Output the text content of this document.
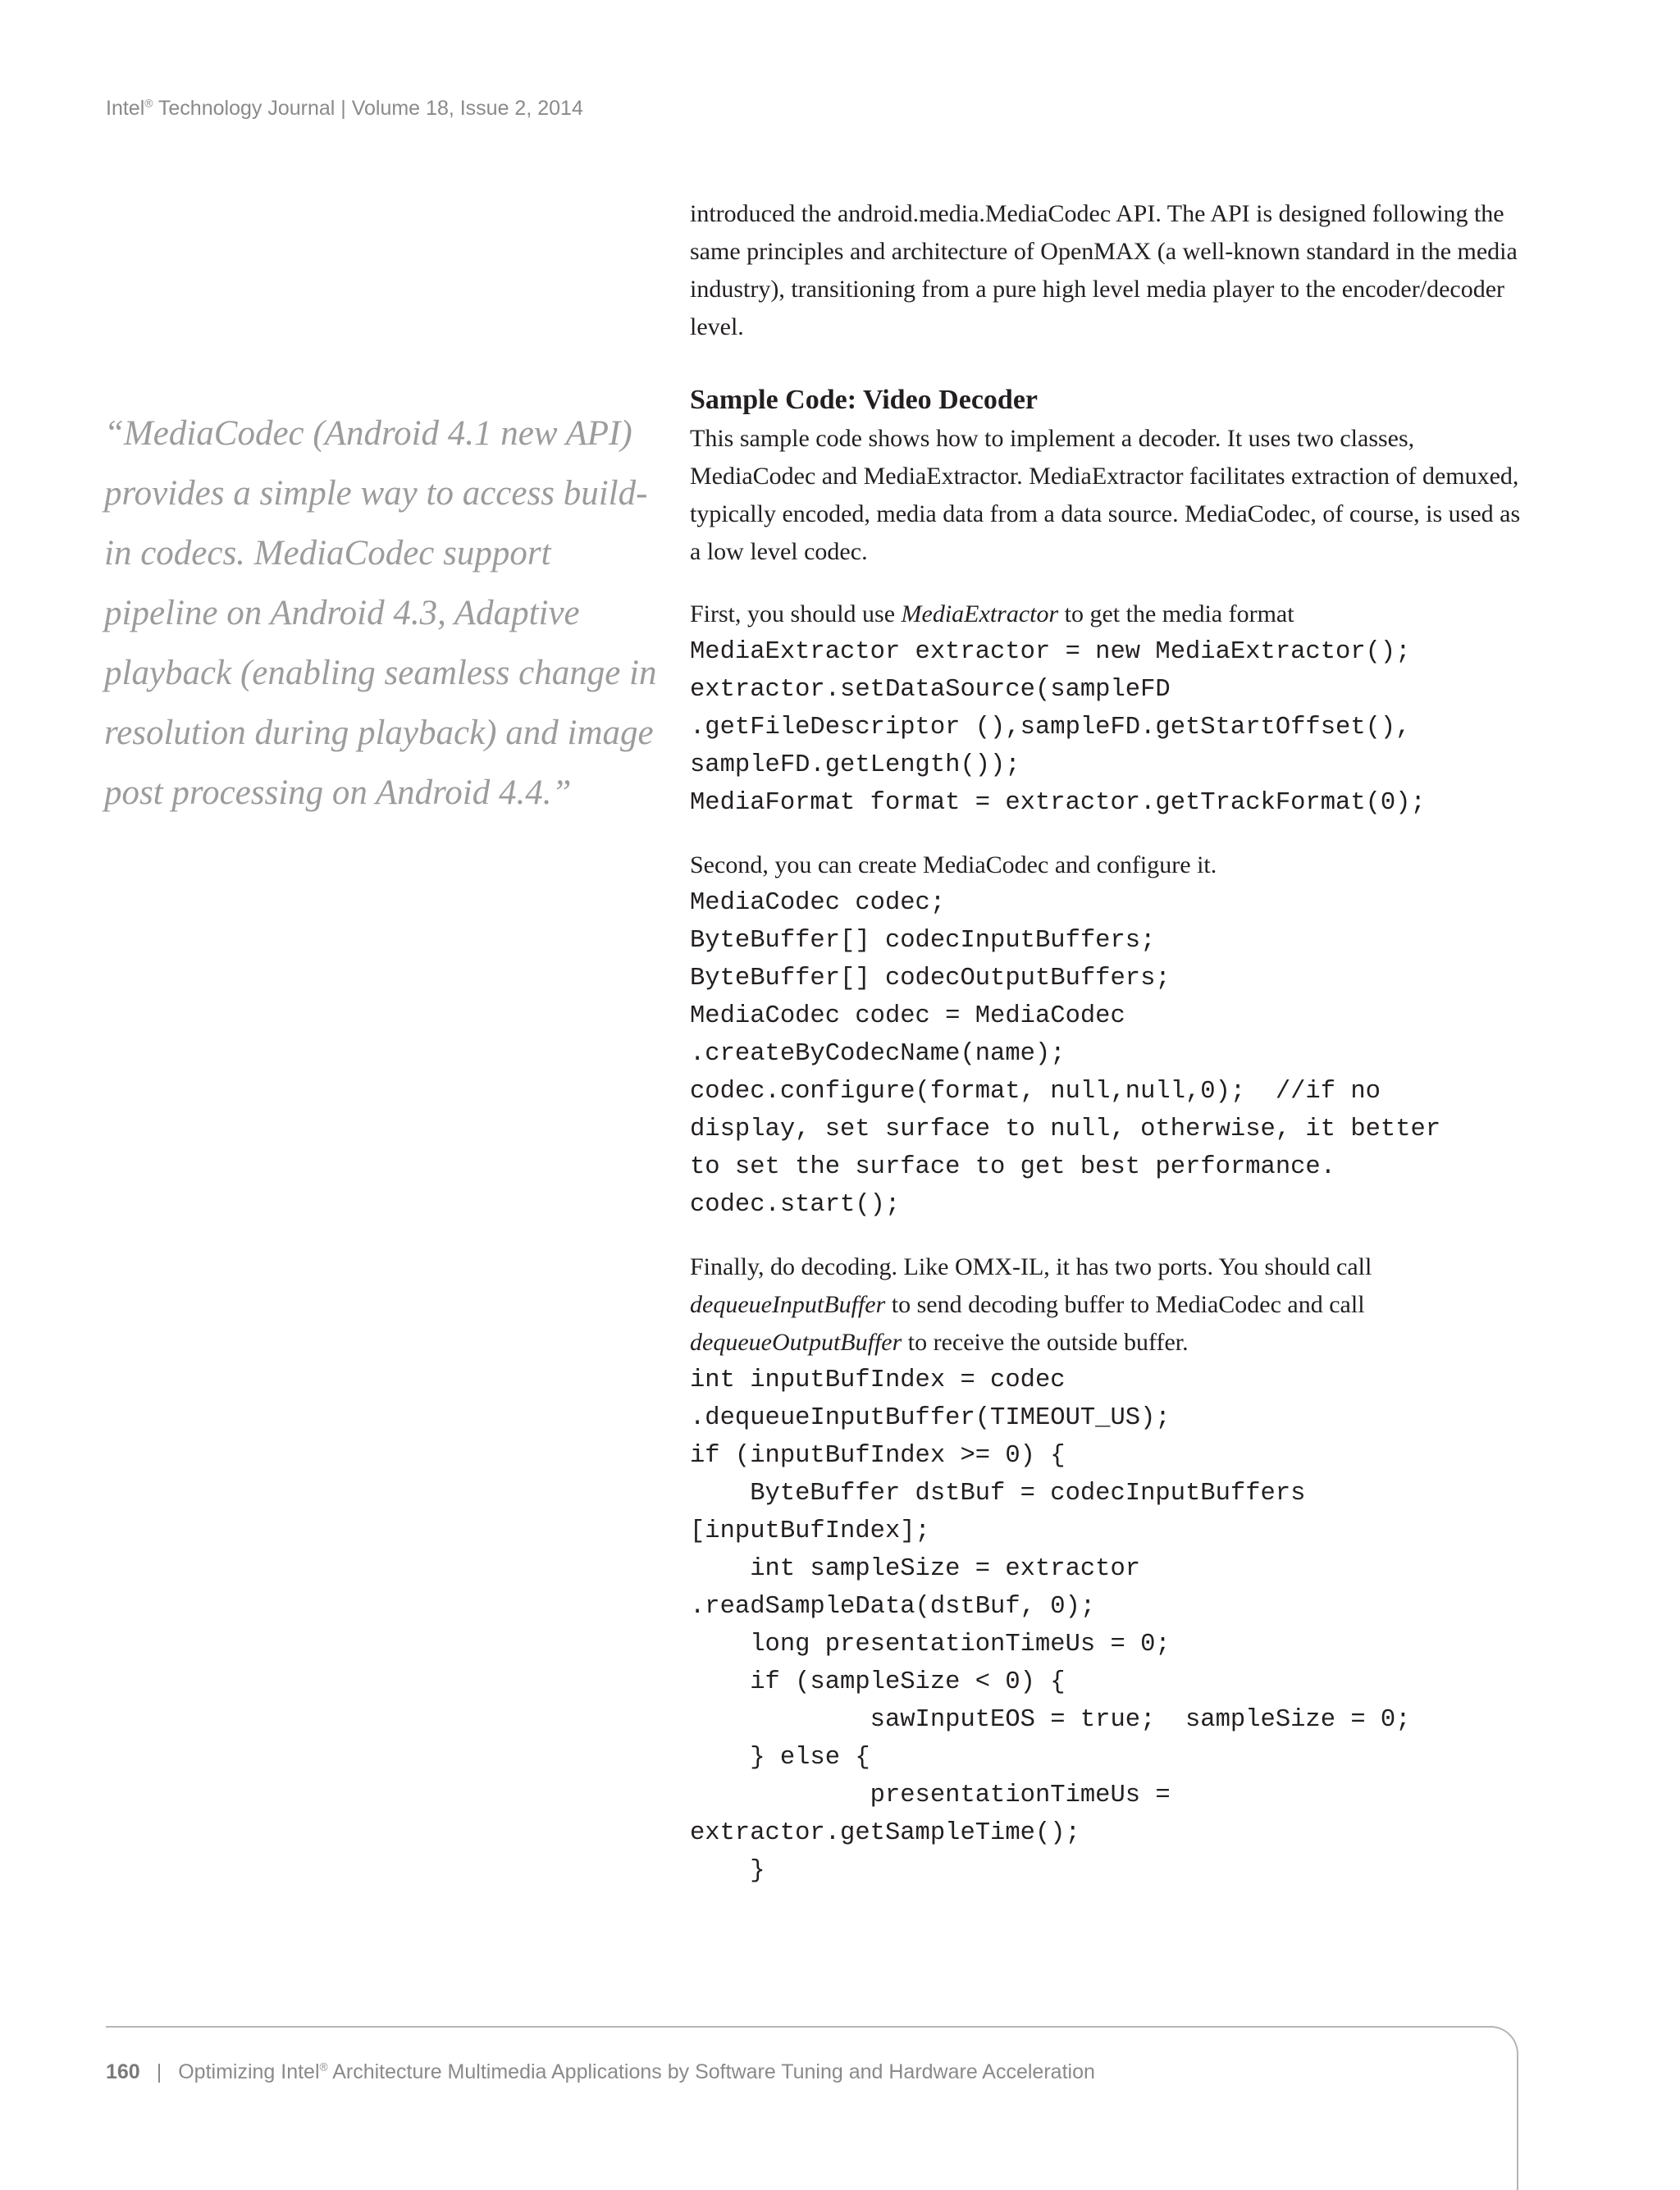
Intel® Technology Journal | Volume 18, Issue 2, 2014
“MediaCodec (Android 4.1 new API) provides a simple way to access build-in codecs. MediaCodec support pipeline on Android 4.3, Adaptive playback (enabling seamless change in resolution during playback) and image post processing on Android 4.4.”

introduced the android.media.MediaCodec API. The API is designed following the same principles and architecture of OpenMAX (a well-known standard in the media industry), transitioning from a pure high level media player to the encoder/decoder level.

Sample Code: Video Decoder

This sample code shows how to implement a decoder. It uses two classes, MediaCodec and MediaExtractor. MediaExtractor facilitates extraction of demuxed, typically encoded, media data from a data source. MediaCodec, of course, is used as a low level codec.

First, you should use MediaExtractor to get the media format

MediaExtractor extractor = new MediaExtractor();
extractor.setDataSource(sampleFD
.getFileDescriptor (),sampleFD.getStartOffset(),
sampleFD.getLength());
MediaFormat format = extractor.getTrackFormat(0);

Second, you can create MediaCodec and configure it.

MediaCodec codec;
ByteBuffer[] codecInputBuffers;
ByteBuffer[] codecOutputBuffers;
MediaCodec codec = MediaCodec
.createByCodecName(name);
codec.configure(format, null,null,0);  //if no
display, set surface to null, otherwise, it better
to set the surface to get best performance.
codec.start();

Finally, do decoding. Like OMX-IL, it has two ports. You should call dequeueInputBuffer to send decoding buffer to MediaCodec and call dequeueOutputBuffer to receive the outside buffer.

int inputBufIndex = codec
.dequeueInputBuffer(TIMEOUT_US);
if (inputBufIndex >= 0) {
ByteBuffer dstBuf = codecInputBuffers
[inputBufIndex];
int sampleSize = extractor
.readSampleData(dstBuf, 0);
long presentationTimeUs = 0;
if (sampleSize < 0) {
sawInputEOS = true;  sampleSize = 0;
} else {
presentationTimeUs =
extractor.getSampleTime();
}
160 | Optimizing Intel® Architecture Multimedia Applications by Software Tuning and Hardware Acceleration
